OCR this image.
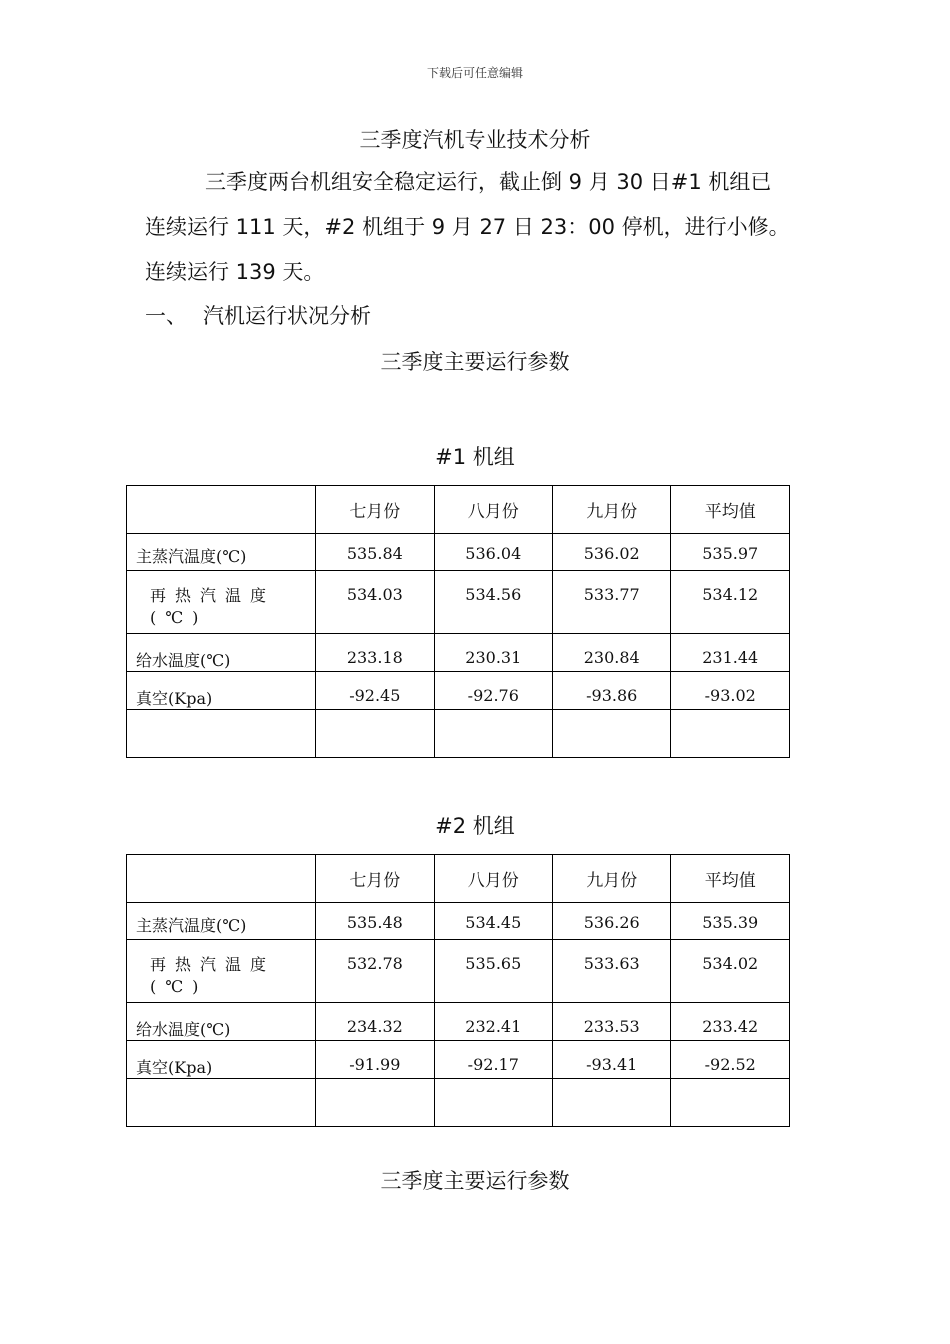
下载后可任意编辑
三季度汽机专业技术分析
三季度两台机组安全稳定运行，截止倒 9 月 30 日#1 机组已
连续运行 111 天，#2 机组于 9 月 27 日 23：00 停机，进行小修。
连续运行 139 天。
一、 汽机运行状况分析
三季度主要运行参数
#1 机组
	七月份	八月份	九月份	平均值
主蒸汽温度(℃)	535.84	536.04	536.02	535.97

再热汽温度(℃)	534.03	534.56	533.77	534.12
给水温度(℃)	233.18	230.31	230.84	231.44
真空(Kpa)	-92.45	-92.76	-93.86	-93.02

#2 机组
	七月份	八月份	九月份	平均值
主蒸汽温度(℃)	535.48	534.45	536.26	535.39

再热汽温度(℃)	532.78	535.65	533.63	534.02
给水温度(℃)	234.32	232.41	233.53	233.42
真空(Kpa)	-91.99	-92.17	-93.41	-92.52

三季度主要运行参数
